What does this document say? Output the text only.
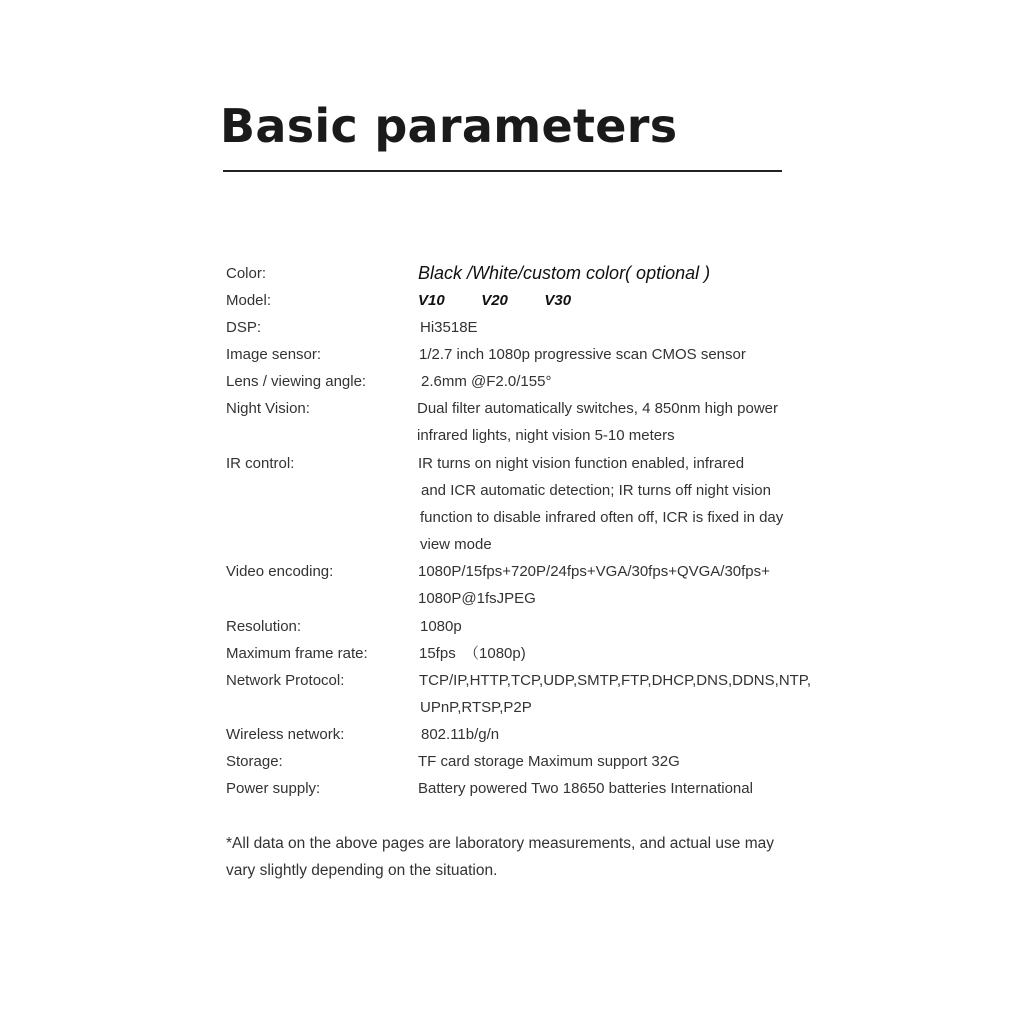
Basic parameters
Color:	Black /White/custom color( optional )
Model:	V10   V20   V30
DSP:	Hi3518E
Image sensor:	1/2.7 inch 1080p progressive scan CMOS sensor
Lens / viewing angle:	2.6mm @F2.0/155°
Night Vision:	Dual filter automatically switches, 4 850nm high power
infrared lights, night vision 5-10 meters
IR control:	IR turns on night vision function enabled, infrared
and ICR automatic detection; IR turns off night vision
function to disable infrared often off, ICR is fixed in day
view mode
Video encoding:	1080P/15fps+720P/24fps+VGA/30fps+QVGA/30fps+
1080P@1fsJPEG
Resolution:	1080p
Maximum frame rate:	15fps  （1080p)
Network Protocol:	TCP/IP,HTTP,TCP,UDP,SMTP,FTP,DHCP,DNS,DDNS,NTP,
UPnP,RTSP,P2P
Wireless network:	802.11b/g/n
Storage:	TF card storage Maximum support 32G
Power supply:	Battery powered Two 18650 batteries International
*All data on the above pages are laboratory measurements, and actual use may
vary slightly depending on the situation.
